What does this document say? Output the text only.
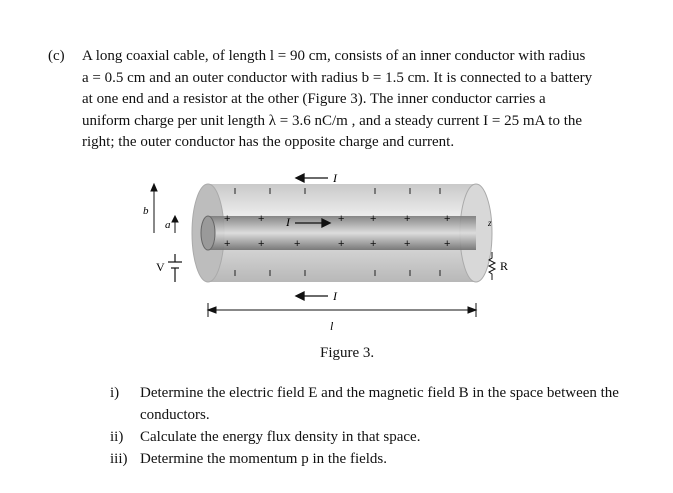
(c) A long coaxial cable, of length l = 90 cm, consists of an inner conductor with radius
a = 0.5 cm and an outer conductor with radius b = 1.5 cm. It is connected to a battery
at one end and a resistor at the other (Figure 3). The inner conductor carries a
uniform charge per unit length λ = 3.6 nC/m , and a steady current I = 25 mA to the
right; the outer conductor has the opposite charge and current.
+	+	+ +	+	+
+	+	+	+ +	+	+
I
I
I
b
a
V	R
z
l
Figure 3.
i) Determine the electric field E and the magnetic field B in the space between the
conductors.
ii) Calculate the energy flux density in that space.
iii) Determine the momentum p in the fields.
